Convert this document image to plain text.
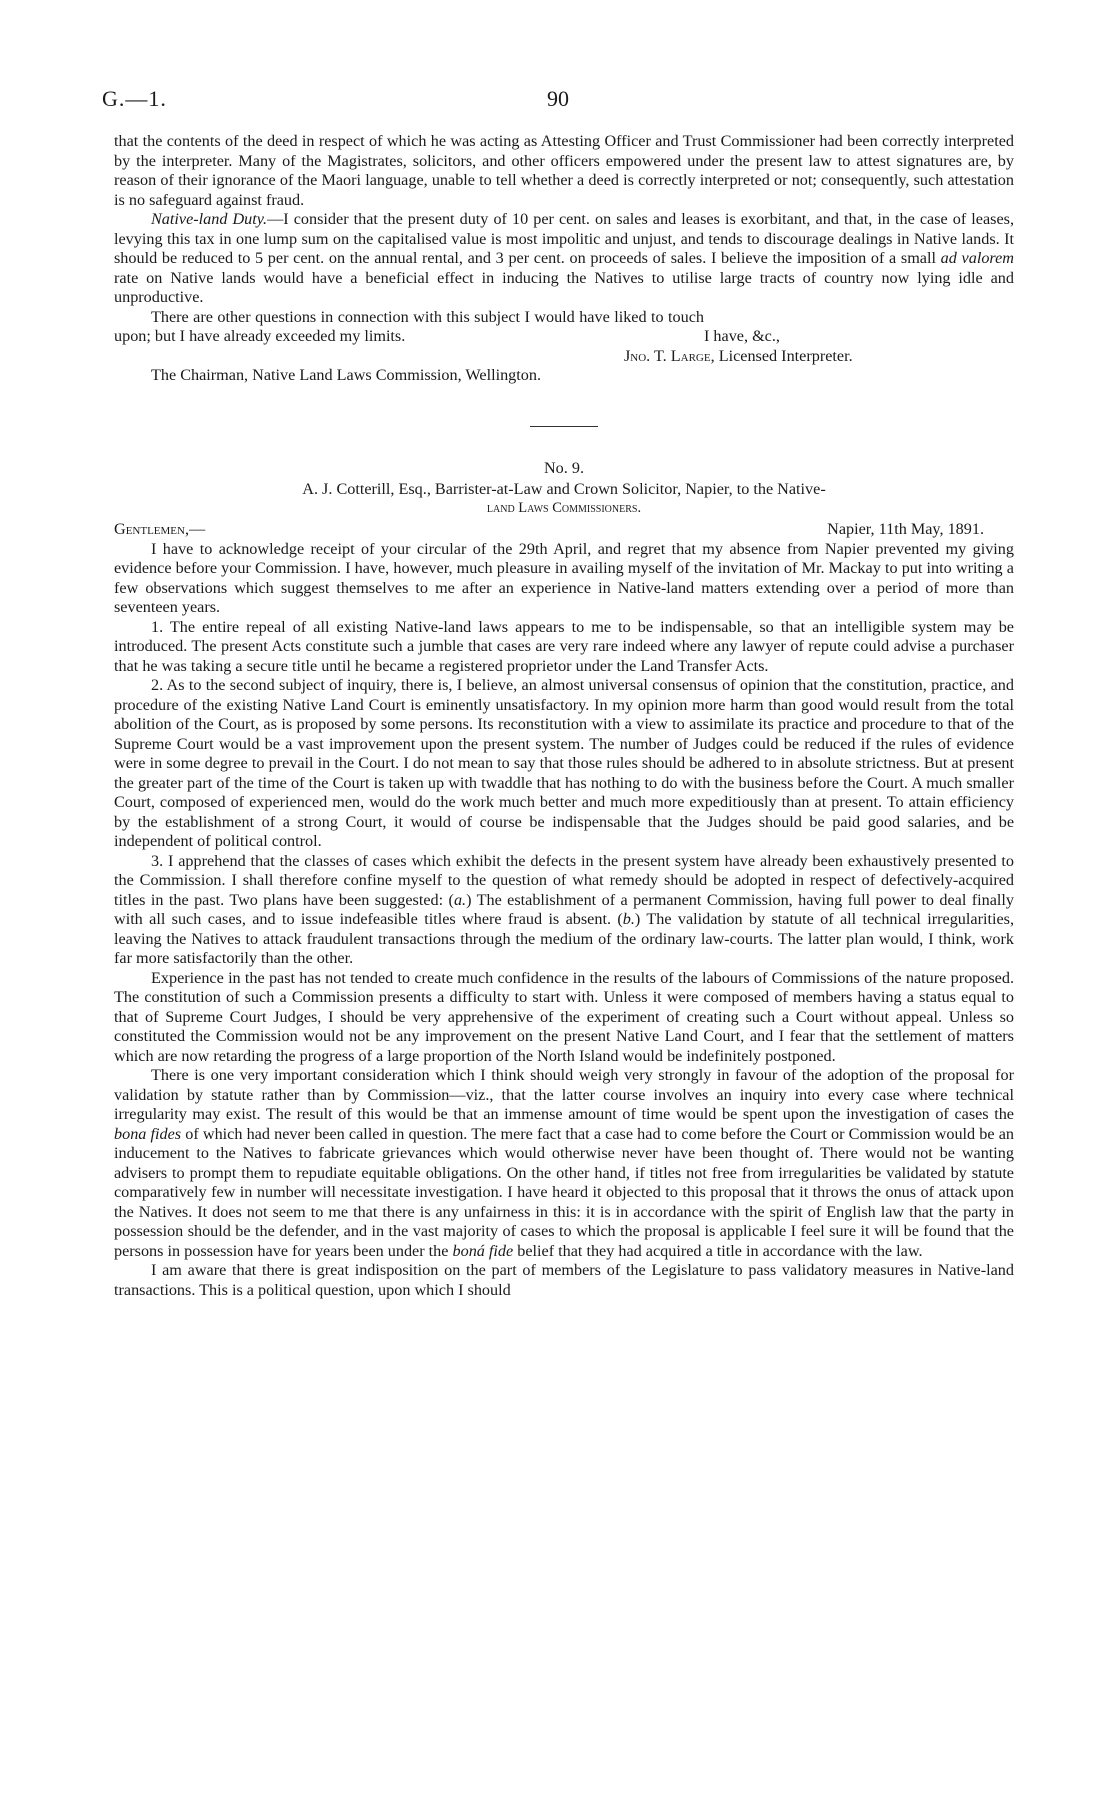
G.—1.	90

that the contents of the deed in respect of which he was acting as Attesting Officer and Trust Commissioner had been correctly interpreted by the interpreter. Many of the Magistrates, solicitors, and other officers empowered under the present law to attest signatures are, by reason of their ignorance of the Maori language, unable to tell whether a deed is correctly interpreted or not; consequently, such attestation is no safeguard against fraud.

Native-land Duty.—I consider that the present duty of 10 per cent. on sales and leases is exorbitant, and that, in the case of leases, levying this tax in one lump sum on the capitalised value is most impolitic and unjust, and tends to discourage dealings in Native lands. It should be reduced to 5 per cent. on the annual rental, and 3 per cent. on proceeds of sales. I believe the imposition of a small ad valorem rate on Native lands would have a beneficial effect in inducing the Natives to utilise large tracts of country now lying idle and unproductive.

There are other questions in connection with this subject I would have liked to touch upon; but I have already exceeded my limits.	I have, &c.,
Jno. T. Large, Licensed Interpreter.
The Chairman, Native Land Laws Commission, Wellington.
No. 9.
A. J. Cotterill, Esq., Barrister-at-Law and Crown Solicitor, Napier, to the Native-
land Laws Commissioners.
Gentlemen,—	Napier, 11th May, 1891.

I have to acknowledge receipt of your circular of the 29th April, and regret that my absence from Napier prevented my giving evidence before your Commission. I have, however, much pleasure in availing myself of the invitation of Mr. Mackay to put into writing a few observations which suggest themselves to me after an experience in Native-land matters extending over a period of more than seventeen years.

1. The entire repeal of all existing Native-land laws appears to me to be indispensable, so that an intelligible system may be introduced. The present Acts constitute such a jumble that cases are very rare indeed where any lawyer of repute could advise a purchaser that he was taking a secure title until he became a registered proprietor under the Land Transfer Acts.

2. As to the second subject of inquiry, there is, I believe, an almost universal consensus of opinion that the constitution, practice, and procedure of the existing Native Land Court is eminently unsatisfactory. In my opinion more harm than good would result from the total abolition of the Court, as is proposed by some persons. Its reconstitution with a view to assimilate its practice and procedure to that of the Supreme Court would be a vast improvement upon the present system. The number of Judges could be reduced if the rules of evidence were in some degree to prevail in the Court. I do not mean to say that those rules should be adhered to in absolute strictness. But at present the greater part of the time of the Court is taken up with twaddle that has nothing to do with the business before the Court. A much smaller Court, composed of experienced men, would do the work much better and much more expeditiously than at present. To attain efficiency by the establishment of a strong Court, it would of course be indispensable that the Judges should be paid good salaries, and be independent of political control.

3. I apprehend that the classes of cases which exhibit the defects in the present system have already been exhaustively presented to the Commission. I shall therefore confine myself to the question of what remedy should be adopted in respect of defectively-acquired titles in the past. Two plans have been suggested: (a.) The establishment of a permanent Commission, having full power to deal finally with all such cases, and to issue indefeasible titles where fraud is absent. (b.) The validation by statute of all technical irregularities, leaving the Natives to attack fraudulent transactions through the medium of the ordinary law-courts. The latter plan would, I think, work far more satisfactorily than the other.

Experience in the past has not tended to create much confidence in the results of the labours of Commissions of the nature proposed. The constitution of such a Commission presents a difficulty to start with. Unless it were composed of members having a status equal to that of Supreme Court Judges, I should be very apprehensive of the experiment of creating such a Court without appeal. Unless so constituted the Commission would not be any improvement on the present Native Land Court, and I fear that the settlement of matters which are now retarding the progress of a large proportion of the North Island would be indefinitely postponed.

There is one very important consideration which I think should weigh very strongly in favour of the adoption of the proposal for validation by statute rather than by Commission—viz., that the latter course involves an inquiry into every case where technical irregularity may exist. The result of this would be that an immense amount of time would be spent upon the investigation of cases the bona fides of which had never been called in question. The mere fact that a case had to come before the Court or Commission would be an inducement to the Natives to fabricate grievances which would otherwise never have been thought of. There would not be wanting advisers to prompt them to repudiate equitable obligations. On the other hand, if titles not free from irregularities be validated by statute comparatively few in number will necessitate investigation. I have heard it objected to this proposal that it throws the onus of attack upon the Natives. It does not seem to me that there is any unfairness in this: it is in accordance with the spirit of English law that the party in possession should be the defender, and in the vast majority of cases to which the proposal is applicable I feel sure it will be found that the persons in possession have for years been under the boná fide belief that they had acquired a title in accordance with the law.

I am aware that there is great indisposition on the part of members of the Legislature to pass validatory measures in Native-land transactions. This is a political question, upon which I should
